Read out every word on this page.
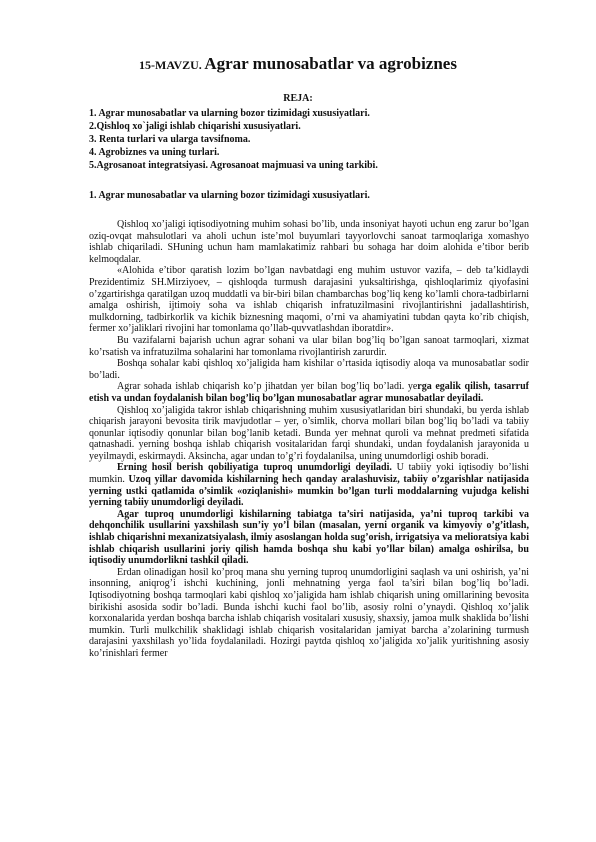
15-MAVZU. Agrar munosabatlar va agrobiznes
REJA:
1. Agrar munosabatlar va ularning bozor tizimidagi xususiyatlari.
2.Qishloq xo`jaligi ishlab chiqarishi xususiyatlari.
3. Renta turlari va ularga tavsifnoma.
4. Agrobiznes va uning turlari.
5.Agrosanoat integratsiyasi. Agrosanoat majmuasi va uning tarkibi.
1. Agrar munosabatlar va ularning bozor tizimidagi xususiyatlari.

Qishloq xo’jaligi iqtisodiyotning muhim sohasi bo’lib, unda insoniyat hayoti uchun eng zarur bo’lgan oziq-ovqat mahsulotlari va aholi uchun iste’mol buyumlari tayyorlovchi sanoat tarmoqlariga xomashyo ishlab chiqariladi. SHuning uchun ham mamlakatimiz rahbari bu sohaga har doim alohida e’tibor berib kelmoqdalar.

«Alohida e’tibor qaratish lozim bo’lgan navbatdagi eng muhim ustuvor vazifa, – deb ta’kidlaydi Prezidentimiz SH.Mirziyoev, – qishloqda turmush darajasini yuksaltirishga, qishloqlarimiz qiyofasini o’zgartirishga qaratilgan uzoq muddatli va bir-biri bilan chambarchas bog’liq keng ko’lamli chora-tadbirlarni amalga oshirish, ijtimoiy soha va ishlab chiqarish infratuzilmasini rivojlantirishni jadallashtirish, mulkdorning, tadbirkorlik va kichik biznesning maqomi, o’rni va ahamiyatini tubdan qayta ko’rib chiqish, fermer xo’jaliklari rivojini har tomonlama qo’llab-quvvatlashdan iboratdir».

Bu vazifalarni bajarish uchun agrar sohani va ular bilan bog’liq bo’lgan sanoat tarmoqlari, xizmat ko’rsatish va infratuzilma sohalarini har tomonlama rivojlantirish zarurdir.

Boshqa sohalar kabi qishloq xo’jaligida ham kishilar o’rtasida iqtisodiy aloqa va munosabatlar sodir bo’ladi.

Agrar sohada ishlab chiqarish ko’p jihatdan yer bilan bog’liq bo’ladi. yerga egalik qilish, tasarruf etish va undan foydalanish bilan bog’liq bo’lgan munosabatlar agrar munosabatlar deyiladi.

Qishloq xo’jaligida takror ishlab chiqarishning muhim xususiyatlaridan biri shundaki, bu yerda ishlab chiqarish jarayoni bevosita tirik mavjudotlar – yer, o’simlik, chorva mollari bilan bog’liq bo’ladi va tabiiy qonunlar iqtisodiy qonunlar bilan bog’lanib ketadi. Bunda yer mehnat quroli va mehnat predmeti sifatida qatnashadi. yerning boshqa ishlab chiqarish vositalaridan farqi shundaki, undan foydalanish jarayonida u yeyilmaydi, eskirmaydi. Aksincha, agar undan to’g’ri foydalanilsa, uning unumdorligi oshib boradi.

Erning hosil berish qobiliyatiga tuproq unumdorligi deyiladi. U tabiiy yoki iqtisodiy bo’lishi mumkin. Uzoq yillar davomida kishilarning hech qanday aralashuvisiz, tabiiy o’zgarishlar natijasida yerning ustki qatlamida o’simlik «oziqlanishi» mumkin bo’lgan turli moddalarning vujudga kelishi yerning tabiiy unumdorligi deyiladi.

Agar tuproq unumdorligi kishilarning tabiatga ta’siri natijasida, ya’ni tuproq tarkibi va dehqonchilik usullarini yaxshilash sun’iy yo’l bilan (masalan, yerni organik va kimyoviy o’g’itlash, ishlab chiqarishni mexanizatsiyalash, ilmiy asoslangan holda sug’orish, irrigatsiya va melioratsiya kabi ishlab chiqarish usullarini joriy qilish hamda boshqa shu kabi yo’llar bilan) amalga oshirilsa, bu iqtisodiy unumdorlikni tashkil qiladi.

Erdan olinadigan hosil ko’proq mana shu yerning tuproq unumdorligini saqlash va uni oshirish, ya’ni insonning, aniqrog’i ishchi kuchining, jonli mehnatning yerga faol ta’siri bilan bog’liq bo’ladi. Iqtisodiyotning boshqa tarmoqlari kabi qishloq xo’jaligida ham ishlab chiqarish uning omillarining bevosita birikishi asosida sodir bo’ladi. Bunda ishchi kuchi faol bo’lib, asosiy rolni o’ynaydi. Qishloq xo’jalik korxonalarida yerdan boshqa barcha ishlab chiqarish vositalari xususiy, shaxsiy, jamoa mulk shaklida bo’lishi mumkin. Turli mulkchilik shaklidagi ishlab chiqarish vositalaridan jamiyat barcha a’zolarining turmush darajasini yaxshilash yo’lida foydalaniladi. Hozirgi paytda qishloq xo’jaligida xo’jalik yuritishning asosiy ko’rinishlari fermer
